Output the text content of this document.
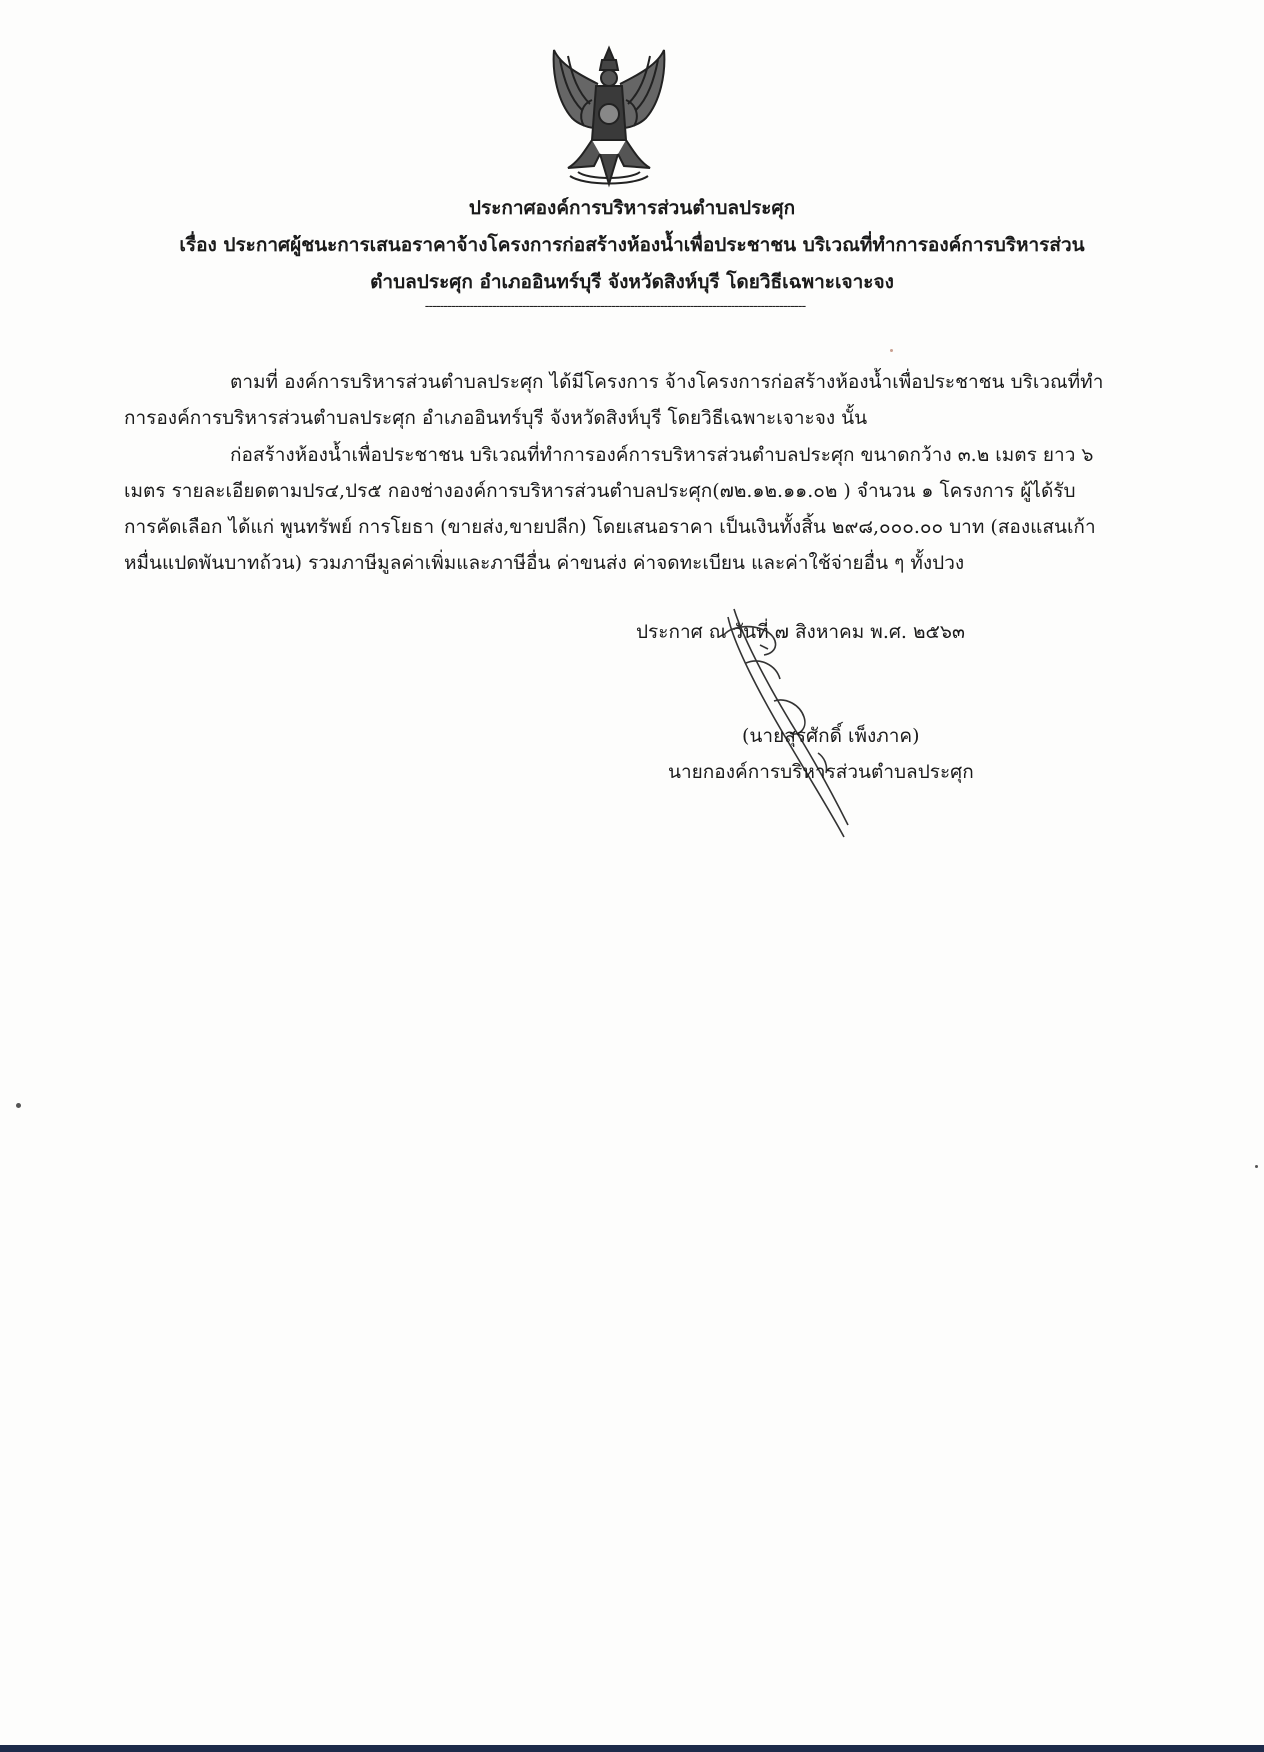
ประกาศองค์การบริหารส่วนตำบลประศุก
เรื่อง ประกาศผู้ชนะการเสนอราคาจ้างโครงการก่อสร้างห้องน้ำเพื่อประชาชน บริเวณที่ทำการองค์การบริหารส่วน
ตำบลประศุก อำเภออินทร์บุรี จังหวัดสิงห์บุรี โดยวิธีเฉพาะเจาะจง
------------------------------------------------------------------------------------------------------
ตามที่ องค์การบริหารส่วนตำบลประศุก ได้มีโครงการ จ้างโครงการก่อสร้างห้องน้ำเพื่อประชาชน บริเวณที่ทำ
การองค์การบริหารส่วนตำบลประศุก อำเภออินทร์บุรี จังหวัดสิงห์บุรี โดยวิธีเฉพาะเจาะจง นั้น
ก่อสร้างห้องน้ำเพื่อประชาชน บริเวณที่ทำการองค์การบริหารส่วนตำบลประศุก ขนาดกว้าง ๓.๒ เมตร ยาว ๖
เมตร รายละเอียดตามปร๔,ปร๕ กองช่างองค์การบริหารส่วนตำบลประศุก(๗๒.๑๒.๑๑.๐๒ ) จำนวน ๑ โครงการ ผู้ได้รับ
การคัดเลือก ได้แก่ พูนทรัพย์ การโยธา (ขายส่ง,ขายปลีก) โดยเสนอราคา เป็นเงินทั้งสิ้น ๒๙๘,๐๐๐.๐๐ บาท (สองแสนเก้า
หมื่นแปดพันบาทถ้วน) รวมภาษีมูลค่าเพิ่มและภาษีอื่น ค่าขนส่ง ค่าจดทะเบียน และค่าใช้จ่ายอื่น ๆ ทั้งปวง
ประกาศ ณ วันที่ ๗ สิงหาคม พ.ศ. ๒๕๖๓
(นายสุรศักดิ์ เพ็งภาค)
นายกองค์การบริหารส่วนตำบลประศุก
